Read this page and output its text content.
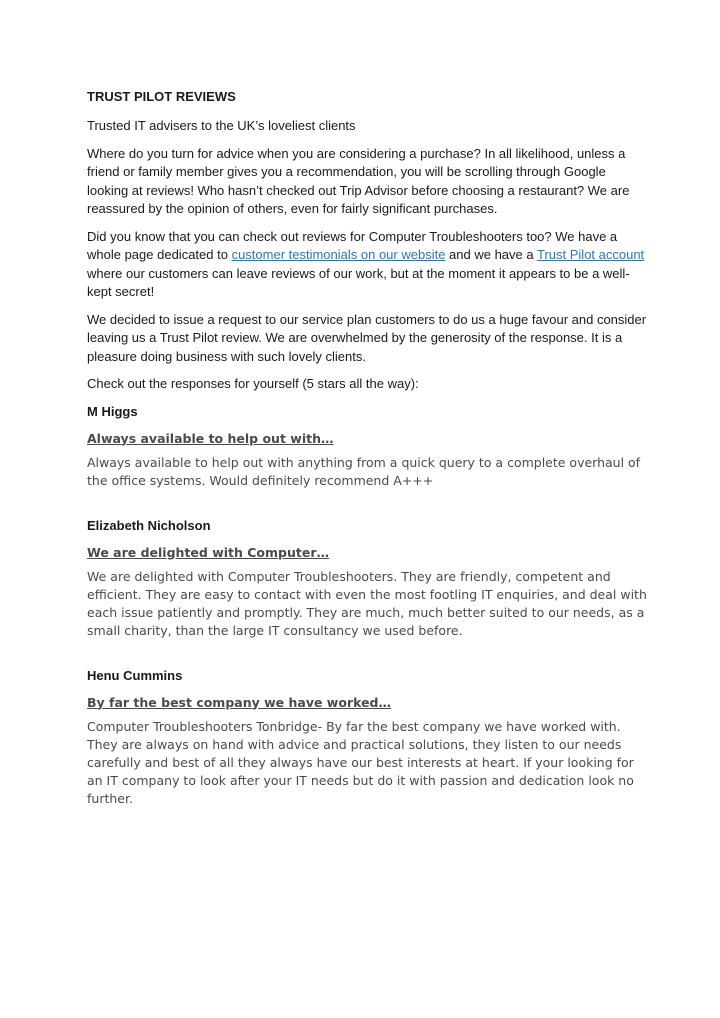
TRUST PILOT REVIEWS

Trusted IT advisers to the UK’s loveliest clients

Where do you turn for advice when you are considering a purchase? In all likelihood, unless a friend or family member gives you a recommendation, you will be scrolling through Google looking at reviews! Who hasn’t checked out Trip Advisor before choosing a restaurant? We are reassured by the opinion of others, even for fairly significant purchases.

Did you know that you can check out reviews for Computer Troubleshooters too? We have a whole page dedicated to customer testimonials on our website and we have a Trust Pilot account where our customers can leave reviews of our work, but at the moment it appears to be a well-kept secret!

We decided to issue a request to our service plan customers to do us a huge favour and consider leaving us a Trust Pilot review. We are overwhelmed by the generosity of the response. It is a pleasure doing business with such lovely clients.

Check out the responses for yourself (5 stars all the way):

M Higgs
Always available to help out with…
Always available to help out with anything from a quick query to a complete overhaul of the office systems. Would definitely recommend A+++
Elizabeth Nicholson
We are delighted with Computer…
We are delighted with Computer Troubleshooters. They are friendly, competent and efficient. They are easy to contact with even the most footling IT enquiries, and deal with each issue patiently and promptly. They are much, much better suited to our needs, as a small charity, than the large IT consultancy we used before.
Henu Cummins
By far the best company we have worked…
Computer Troubleshooters Tonbridge- By far the best company we have worked with. They are always on hand with advice and practical solutions, they listen to our needs carefully and best of all they always have our best interests at heart. If your looking for an IT company to look after your IT needs but do it with passion and dedication look no further.
